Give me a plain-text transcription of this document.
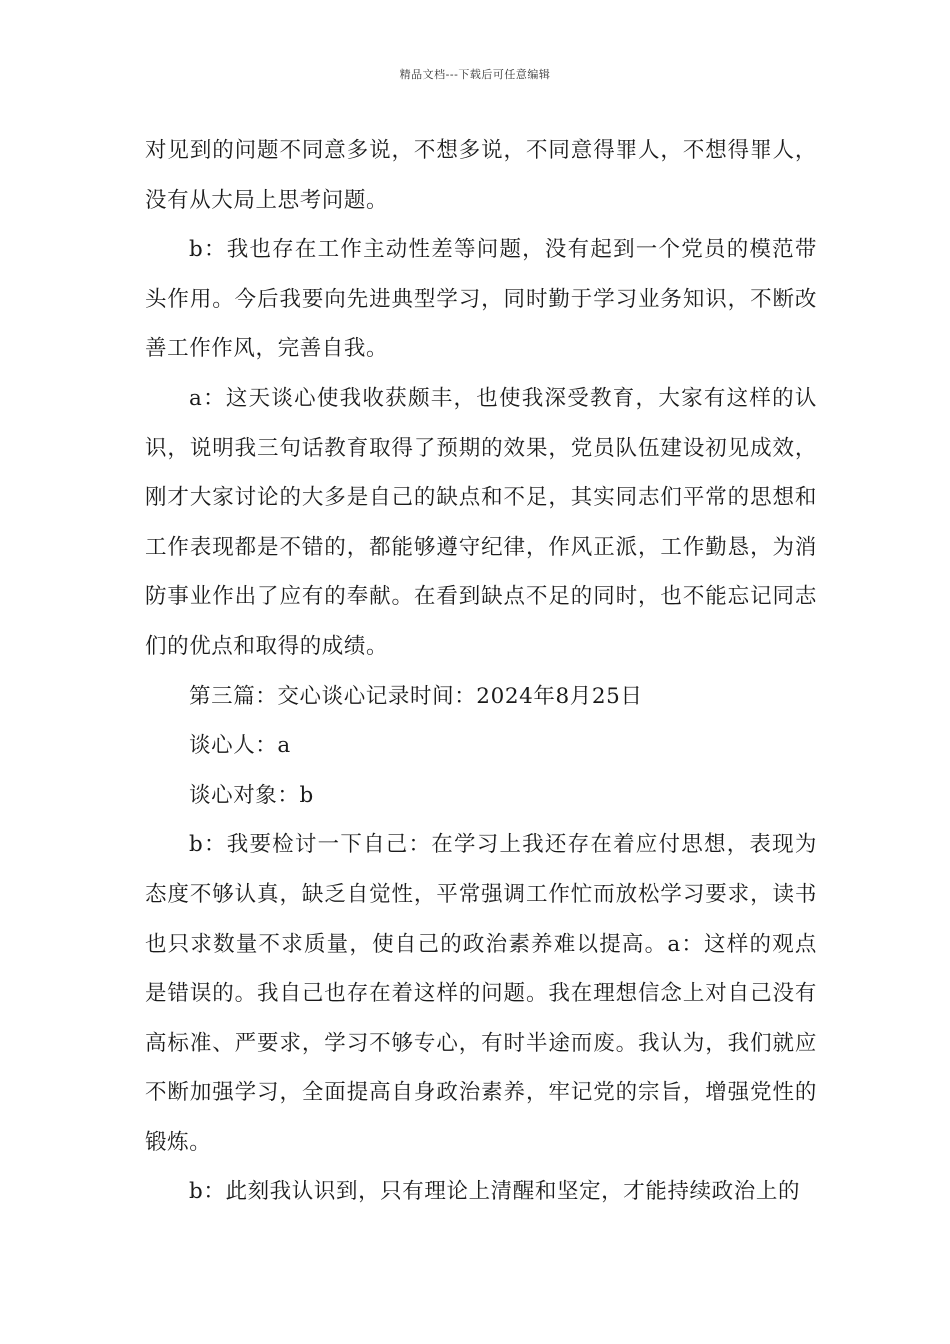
精品文档---下载后可任意编辑

对见到的问题不同意多说，不想多说，不同意得罪人，不想得罪人，没有从大局上思考问题。

b：我也存在工作主动性差等问题，没有起到一个党员的模范带头作用。今后我要向先进典型学习，同时勤于学习业务知识，不断改善工作作风，完善自我。

a：这天谈心使我收获颇丰，也使我深受教育，大家有这样的认识，说明我三句话教育取得了预期的效果，党员队伍建设初见成效，刚才大家讨论的大多是自己的缺点和不足，其实同志们平常的思想和工作表现都是不错的，都能够遵守纪律，作风正派，工作勤恳，为消防事业作出了应有的奉献。在看到缺点不足的同时，也不能忘记同志们的优点和取得的成绩。

第三篇：交心谈心记录时间：2024年8月25日

谈心人：a

谈心对象：b

b：我要检讨一下自己：在学习上我还存在着应付思想，表现为态度不够认真，缺乏自觉性，平常强调工作忙而放松学习要求，读书也只求数量不求质量，使自己的政治素养难以提高。a：这样的观点是错误的。我自己也存在着这样的问题。我在理想信念上对自己没有高标准、严要求，学习不够专心，有时半途而废。我认为，我们就应不断加强学习，全面提高自身政治素养，牢记党的宗旨，增强党性的锻炼。

b：此刻我认识到，只有理论上清醒和坚定，才能持续政治上的
